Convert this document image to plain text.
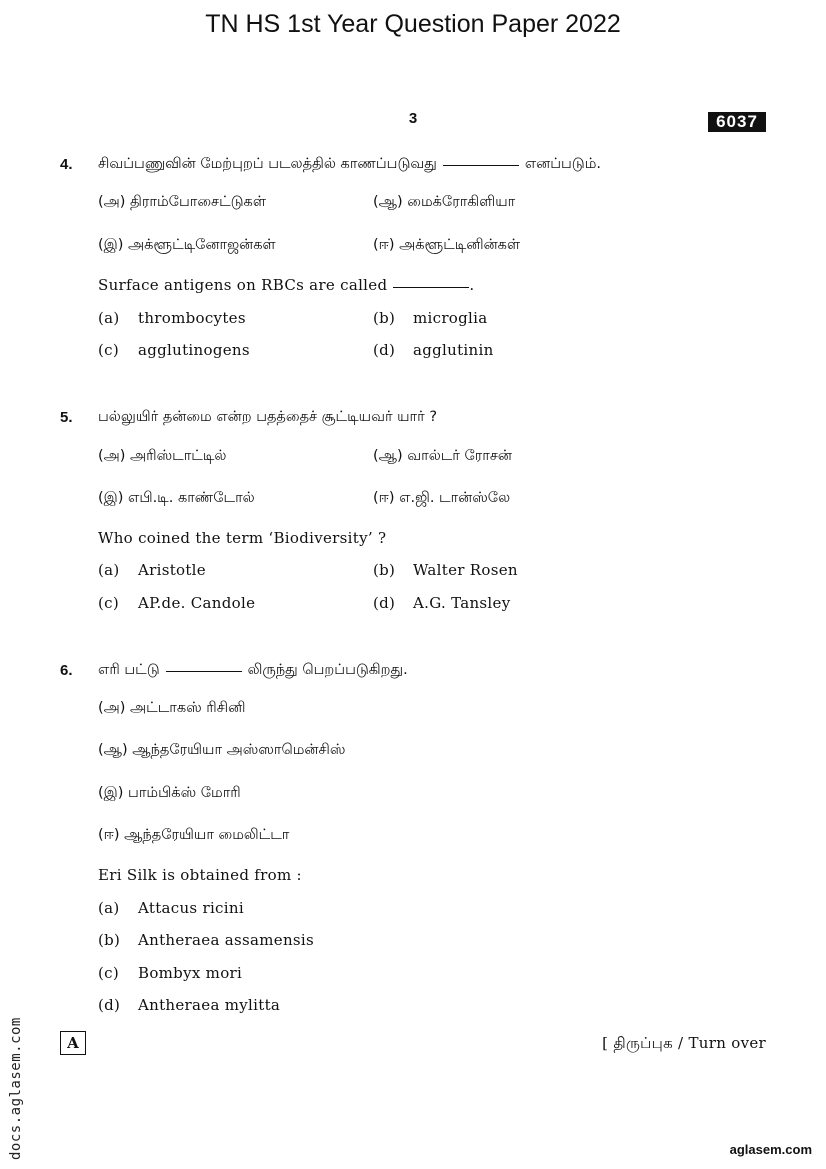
TN HS 1st Year Question Paper 2022
3	6037
4. சிவப்பணுவின் மேற்புறப் படலத்தில் காணப்படுவது	எனப்படும்.
(அ) திராம்போசைட்டுகள்	(ஆ) மைக்ரோகிளியா
(இ) அக்ளூட்டினோஜன்கள்	(ஈ) அக்ளூட்டினின்கள்
Surface antigens on RBCs are called	.
(a) thrombocytes	(b) microglia
(c) agglutinogens	(d) agglutinin
5. பல்லுயிர் தன்மை என்ற பதத்தைச் சூட்டியவர் யார் ?
(அ) அரிஸ்டாட்டில்	(ஆ) வால்டர் ரோசன்
(இ) எபி.டி. காண்டோல்	(ஈ) எ.ஜி. டான்ஸ்லே
Who coined the term ‘Biodiversity’ ?
(a) Aristotle	(b) Walter Rosen
(c) AP.de. Candole	(d) A.G. Tansley
6. எரி பட்டு	லிருந்து பெறப்படுகிறது.
(அ) அட்டாகஸ் ரிசினி
(ஆ) ஆந்தரேயியா அஸ்ஸாமென்சிஸ்
(இ) பாம்பிக்ஸ் மோரி
(ஈ) ஆந்தரேயியா மைலிட்டா
Eri Silk is obtained from :
(a) Attacus ricini
(b) Antheraea assamensis
(c) Bombyx mori
(d) Antheraea mylitta
A	[ திருப்புக / Turn over
docs.aglasem.com	aglasem.com
